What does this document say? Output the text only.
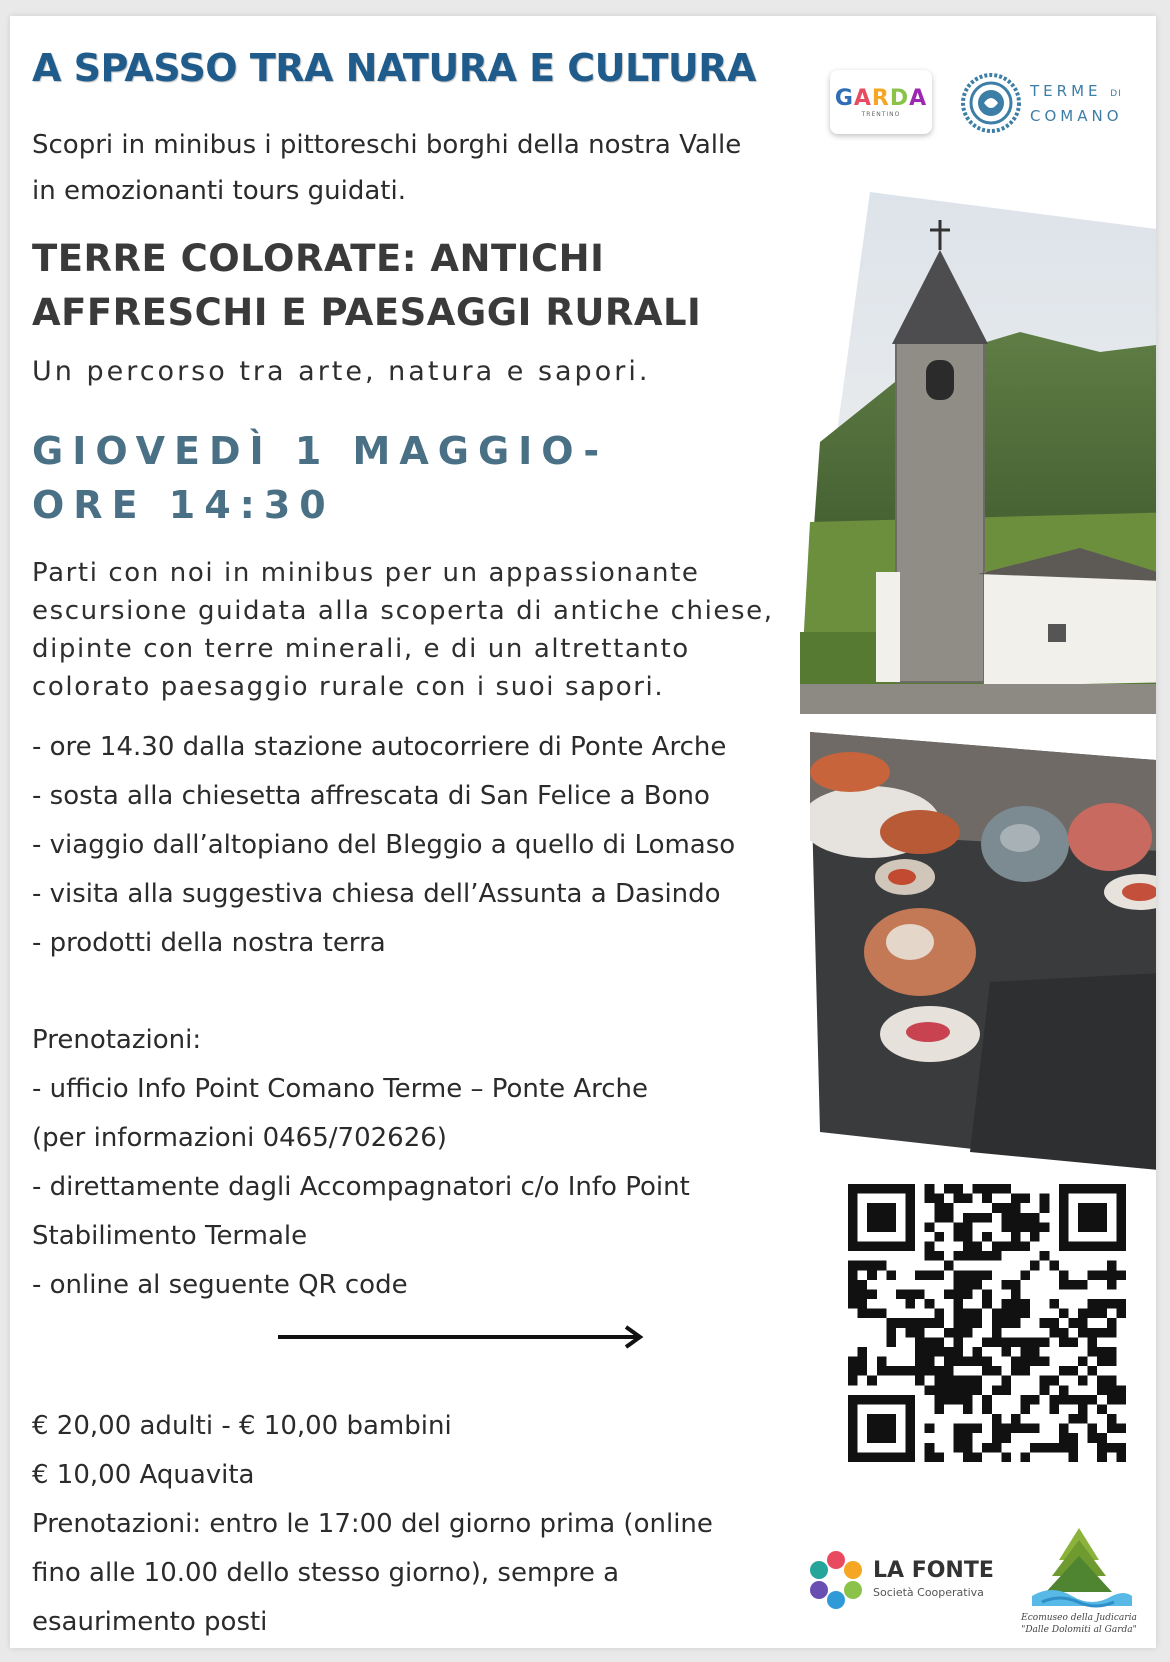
A SPASSO TRA NATURA E CULTURA
Scopri in minibus i pittoreschi borghi della nostra Valle
in emozionanti tours guidati.
TERRE COLORATE: ANTICHI AFFRESCHI E PAESAGGI RURALI
Un percorso tra arte, natura e sapori.
GIOVEDÌ 1 MAGGIO-
ORE 14:30
Parti con noi in minibus per un appassionante
escursione guidata alla scoperta di antiche chiese,
dipinte con terre minerali, e di un altrettanto
colorato paesaggio rurale con i suoi sapori.
- ore 14.30 dalla stazione autocorriere di Ponte Arche
- sosta alla chiesetta affrescata di San Felice a Bono
- viaggio dall’altopiano del Bleggio a quello di Lomaso
- visita alla suggestiva chiesa dell’Assunta a Dasindo
- prodotti della nostra terra
Prenotazioni:
- ufficio Info Point Comano Terme – Ponte Arche
(per informazioni 0465/702626)
- direttamente dagli Accompagnatori c/o Info Point
Stabilimento Termale
- online al seguente QR code
€ 20,00 adulti - € 10,00 bambini
€ 10,00 Aquavita
Prenotazioni: entro le 17:00 del giorno prima (online
fino alle 10.00 dello stesso giorno), sempre a
esaurimento posti
GARDA
TRENTINO
TERME DI
COMANO
LA FONTE
Società Cooperativa
Ecomuseo della Judicaria
"Dalle Dolomiti al Garda"
